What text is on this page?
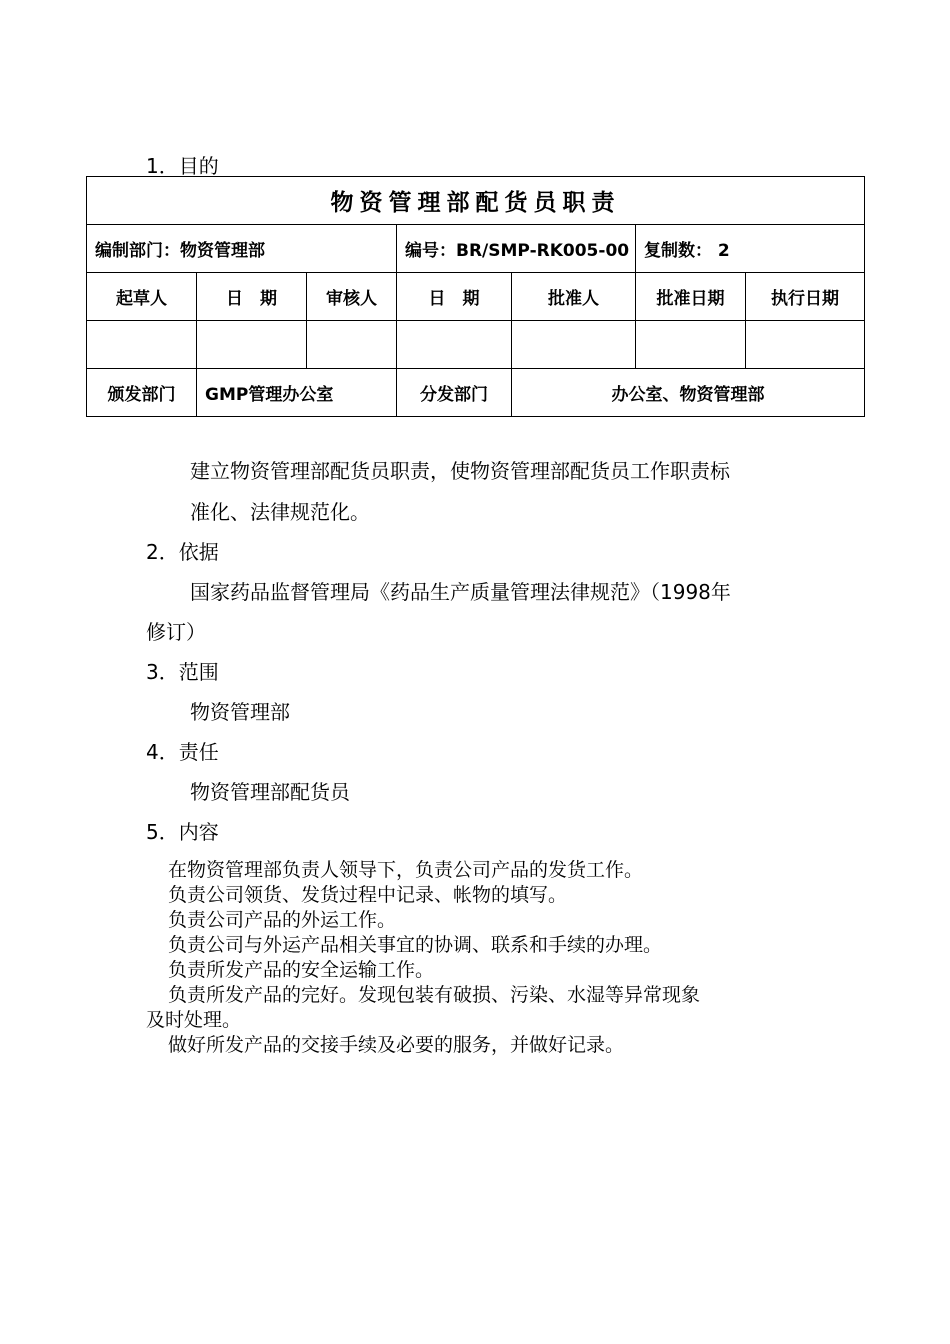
1．目的
物资管理部配货员职责						
编制部门：物资管理部			编号：BR/SMP-RK005-00		复制数： 2	
起草人	日　期	审核人	日　期	批准人	批准日期	执行日期

颁发部门	GMP管理办公室		分发部门	办公室、物资管理部		
建立物资管理部配货员职责，使物资管理部配货员工作职责标
准化、法律规范化。
2．依据
国家药品监督管理局《药品生产质量管理法律规范》（1998年
修订）
3．范围
物资管理部
4．责任
物资管理部配货员
5．内容
在物资管理部负责人领导下，负责公司产品的发货工作。
负责公司领货、发货过程中记录、帐物的填写。
负责公司产品的外运工作。
负责公司与外运产品相关事宜的协调、联系和手续的办理。
负责所发产品的安全运输工作。
负责所发产品的完好。发现包装有破损、污染、水湿等异常现象
及时处理。
做好所发产品的交接手续及必要的服务，并做好记录。
